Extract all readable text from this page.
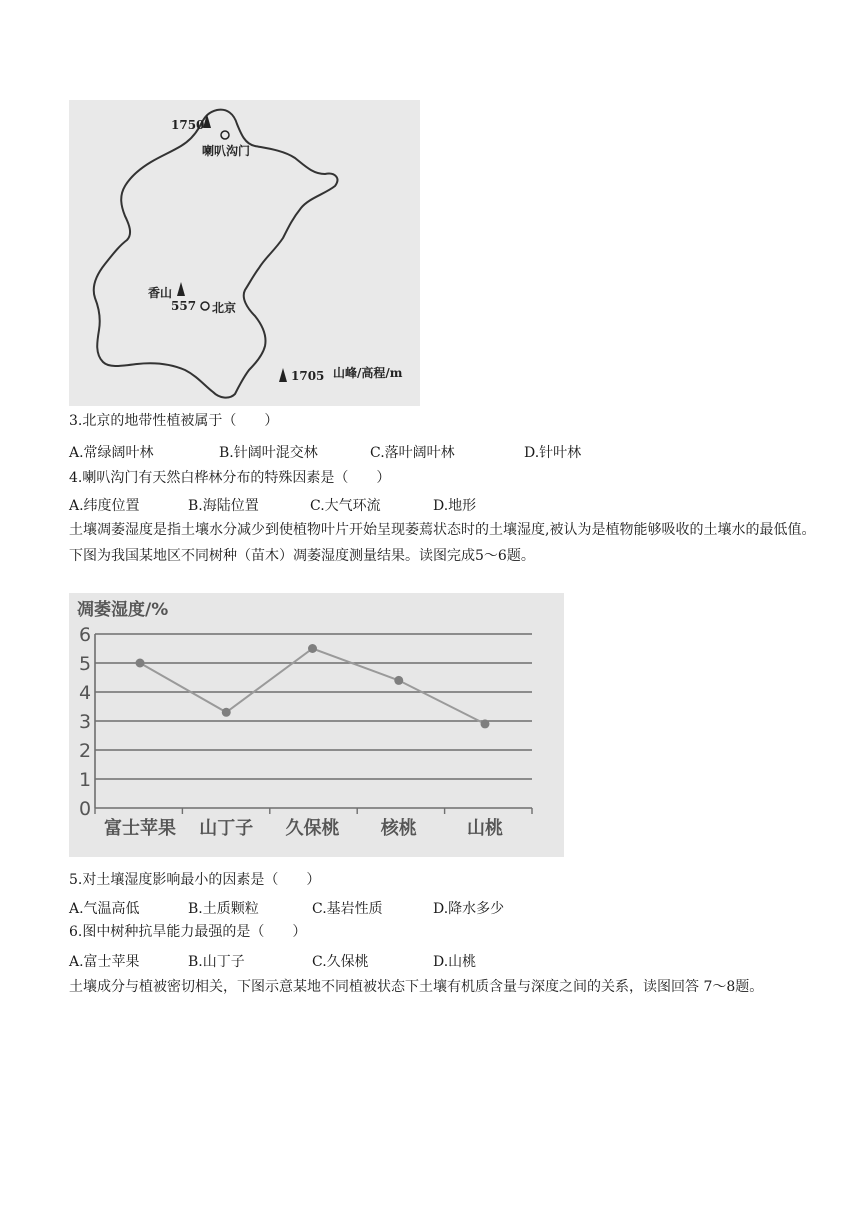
1750
喇叭沟门
香山
557 北京
1705 山峰/高程/m
3.北京的地带性植被属于（　　）
A.常绿阔叶林	B.针阔叶混交林	C.落叶阔叶林	D.针叶林
4.喇叭沟门有天然白桦林分布的特殊因素是（　　）
A.纬度位置	B.海陆位置	C.大气环流	D.地形
土壤凋萎湿度是指土壤水分减少到使植物叶片开始呈现萎蔫状态时的土壤湿度,被认为是植物能够吸收的土壤水的最低值。下图为我国某地区不同树种（苗木）凋萎湿度测量结果。读图完成5～6题。
凋萎湿度/%
0
1
2
3
4
5
6
富士苹果 山丁子 久保桃 核桃	山桃
5.对土壤湿度影响最小的因素是（　　）
A.气温高低	B.土质颗粒	C.基岩性质	D.降水多少
6.图中树种抗旱能力最强的是（　　）
A.富士苹果	B.山丁子	C.久保桃	D.山桃
土壤成分与植被密切相关，下图示意某地不同植被状态下土壤有机质含量与深度之间的关系，读图回答 7～8题。
